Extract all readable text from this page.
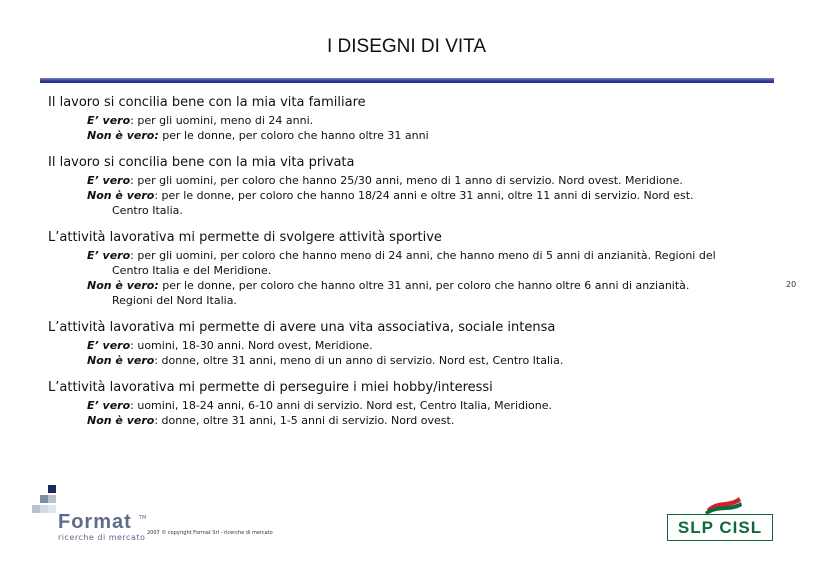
I DISEGNI DI VITA
Il lavoro si concilia bene con la mia vita familiare
E’ vero: per gli uomini, meno di 24 anni.
Non è vero: per le donne, per coloro che hanno oltre 31 anni
Il lavoro si concilia bene con la mia vita privata
E’ vero: per gli uomini, per coloro che hanno 25/30 anni, meno di 1 anno di servizio. Nord ovest. Meridione.
Non è vero: per le donne, per coloro che hanno 18/24 anni e oltre 31 anni, oltre 11 anni di servizio. Nord est.
Centro Italia.
L’attività lavorativa mi permette di svolgere attività sportive
E’ vero: per gli uomini, per coloro che hanno meno di 24 anni, che hanno meno di 5 anni di anzianità. Regioni del
Centro Italia e del Meridione.
Non è vero: per le donne, per coloro che hanno oltre 31 anni, per coloro che hanno oltre 6 anni di anzianità.
Regioni del Nord Italia.
L’attività lavorativa mi permette di avere una vita associativa, sociale intensa
E’ vero: uomini, 18-30 anni. Nord ovest, Meridione.
Non è vero: donne, oltre 31 anni, meno di un anno di servizio. Nord est, Centro Italia.
L’attività lavorativa mi permette di perseguire i miei hobby/interessi
E’ vero: uomini, 18-24 anni, 6-10 anni di servizio. Nord est, Centro Italia, Meridione.
Non è vero: donne, oltre 31 anni, 1-5 anni di servizio. Nord ovest.
20
Format TM
ricerche di mercato 2007 © copyright Format Srl - ricerche di mercato	SLP CISL
